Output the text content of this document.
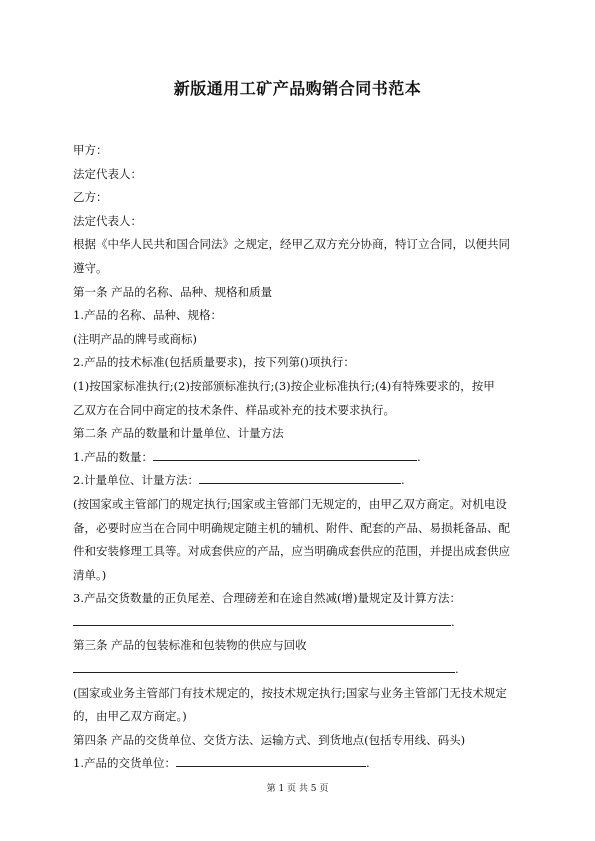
新版通用工矿产品购销合同书范本
甲方：
法定代表人：
乙方：
法定代表人：
根据《中华人民共和国合同法》之规定，经甲乙双方充分协商，特订立合同，以便共同
遵守。
第一条 产品的名称、品种、规格和质量
1.产品的名称、品种、规格：
(注明产品的牌号或商标)
2.产品的技术标准(包括质量要求)，按下列第()项执行：
(1)按国家标准执行;(2)按部颁标准执行;(3)按企业标准执行;(4)有特殊要求的，按甲
乙双方在合同中商定的技术条件、样品或补充的技术要求执行。
第二条 产品的数量和计量单位、计量方法
1.产品的数量：	.
2.计量单位、计量方法：	.
(按国家或主管部门的规定执行;国家或主管部门无规定的，由甲乙双方商定。对机电设
备，必要时应当在合同中明确规定随主机的辅机、附件、配套的产品、易损耗备品、配
件和安装修理工具等。对成套供应的产品，应当明确成套供应的范围，并提出成套供应
清单。)
3.产品交货数量的正负尾差、合理磅差和在途自然减(增)量规定及计算方法：
.
第三条 产品的包装标准和包装物的供应与回收
.
(国家或业务主管部门有技术规定的，按技术规定执行;国家与业务主管部门无技术规定
的，由甲乙双方商定。)
第四条 产品的交货单位、交货方法、运输方式、到货地点(包括专用线、码头)
1.产品的交货单位：	.
第 1 页 共 5 页
